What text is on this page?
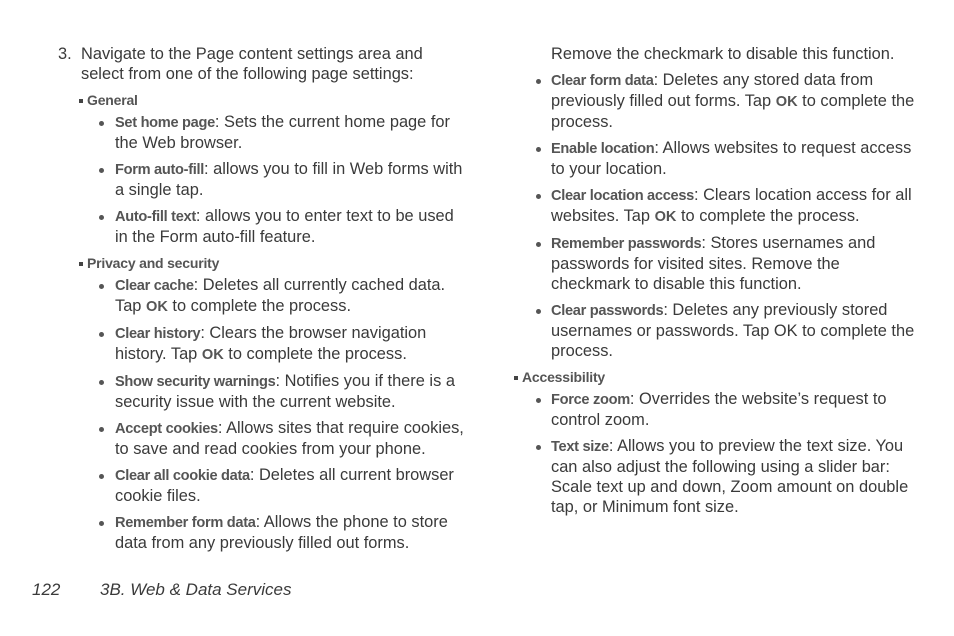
3. Navigate to the Page content settings area and select from one of the following page settings:
General
Set home page: Sets the current home page for the Web browser.
Form auto-fill: allows you to fill in Web forms with a single tap.
Auto-fill text: allows you to enter text to be used in the Form auto-fill feature.
Privacy and security
Clear cache: Deletes all currently cached data. Tap OK to complete the process.
Clear history: Clears the browser navigation history. Tap OK to complete the process.
Show security warnings: Notifies you if there is a security issue with the current website.
Accept cookies: Allows sites that require cookies, to save and read cookies from your phone.
Clear all cookie data: Deletes all current browser cookie files.
Remember form data: Allows the phone to store data from any previously filled out forms.
Remove the checkmark to disable this function.
Clear form data: Deletes any stored data from previously filled out forms. Tap OK to complete the process.
Enable location: Allows websites to request access to your location.
Clear location access: Clears location access for all websites. Tap OK to complete the process.
Remember passwords: Stores usernames and passwords for visited sites. Remove the checkmark to disable this function.
Clear passwords: Deletes any previously stored usernames or passwords. Tap OK to complete the process.
Accessibility
Force zoom: Overrides the website’s request to control zoom.
Text size: Allows you to preview the text size. You can also adjust the following using a slider bar: Scale text up and down, Zoom amount on double tap, or Minimum font size.
122 3B. Web & Data Services
